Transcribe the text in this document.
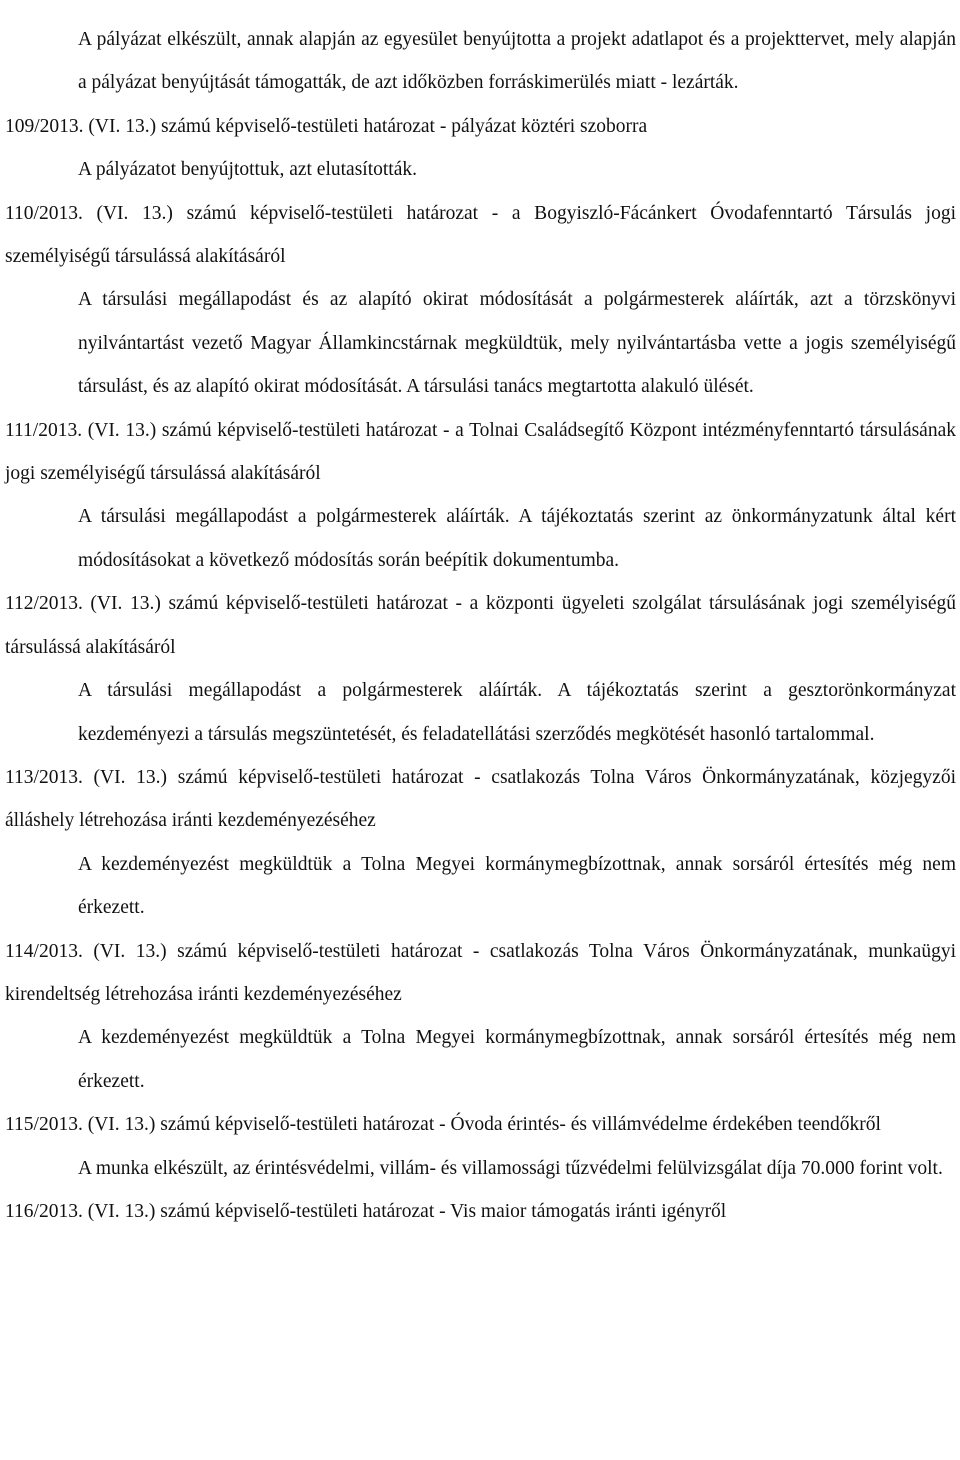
A pályázat elkészült, annak alapján az egyesület benyújtotta a projekt adatlapot és a projekttervet, mely alapján a pályázat benyújtását támogatták, de azt időközben forráskimerülés miatt - lezárták.

109/2013. (VI. 13.) számú képviselő-testületi határozat - pályázat köztéri szoborra

A pályázatot benyújtottuk, azt elutasították.

110/2013. (VI. 13.) számú képviselő-testületi határozat - a Bogyiszló-Fácánkert Óvodafenntartó Társulás jogi személyiségű társulássá alakításáról

A társulási megállapodást és az alapító okirat módosítását a polgármesterek aláírták, azt a törzskönyvi nyilvántartást vezető Magyar Államkincstárnak megküldtük, mely nyilvántartásba vette a jogis személyiségű társulást, és az alapító okirat módosítását. A társulási tanács megtartotta alakuló ülését.

111/2013. (VI. 13.) számú képviselő-testületi határozat - a Tolnai Családsegítő Központ intézményfenntartó társulásának jogi személyiségű társulássá alakításáról

A társulási megállapodást a polgármesterek aláírták. A tájékoztatás szerint az önkormányzatunk által kért módosításokat a következő módosítás során beépítik dokumentumba.

112/2013. (VI. 13.) számú képviselő-testületi határozat - a központi ügyeleti szolgálat társulásának jogi személyiségű társulássá alakításáról

A társulási megállapodást a polgármesterek aláírták. A tájékoztatás szerint a gesztorönkormányzat kezdeményezi a társulás megszüntetését, és feladatellátási szerződés megkötését hasonló tartalommal.

113/2013. (VI. 13.) számú képviselő-testületi határozat - csatlakozás Tolna Város Önkormányzatának, közjegyzői álláshely létrehozása iránti kezdeményezéséhez

A kezdeményezést megküldtük a Tolna Megyei kormánymegbízottnak, annak sorsáról értesítés még nem érkezett.

114/2013. (VI. 13.) számú képviselő-testületi határozat - csatlakozás Tolna Város Önkormányzatának, munkaügyi kirendeltség létrehozása iránti kezdeményezéséhez

A kezdeményezést megküldtük a Tolna Megyei kormánymegbízottnak, annak sorsáról értesítés még nem érkezett.

115/2013. (VI. 13.) számú képviselő-testületi határozat - Óvoda érintés- és villámvédelme érdekében teendőkről

A munka elkészült, az érintésvédelmi, villám- és villamossági tűzvédelmi felülvizsgálat díja 70.000 forint volt.

116/2013. (VI. 13.) számú képviselő-testületi határozat - Vis maior támogatás iránti igényről
